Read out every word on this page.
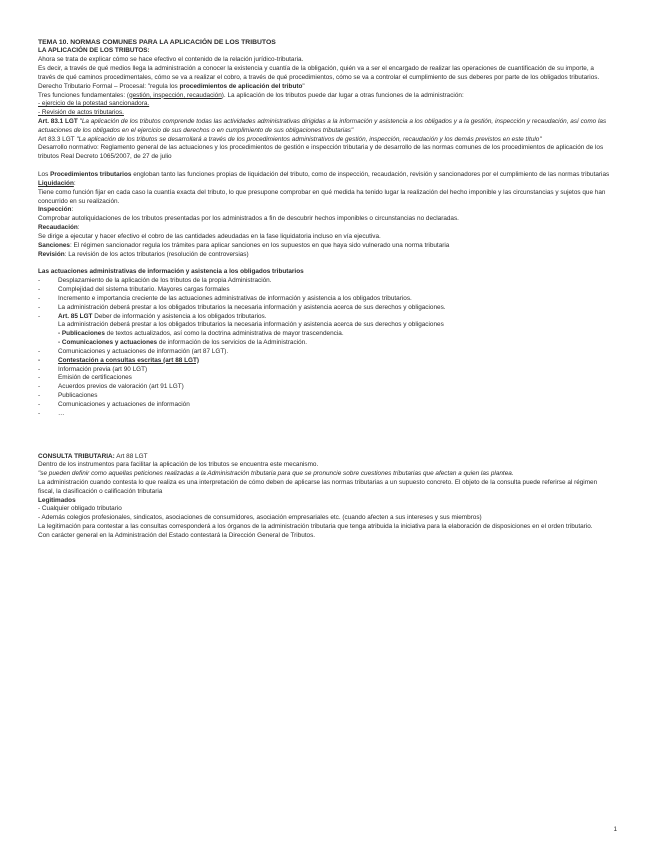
TEMA 10. NORMAS COMUNES PARA LA APLICACIÓN DE LOS TRIBUTOS

LA APLICACIÓN DE LOS TRIBUTOS:

Ahora se trata de explicar cómo se hace efectivo el contenido de la relación jurídico-tributaria.

Es decir, a través de qué medios llega la administración a conocer la existencia y cuantía de la obligación, quién va a ser el encargado de realizar las operaciones de cuantificación de su importe, a través de qué caminos procedimentales, cómo se va a realizar el cobro, a través de qué procedimientos, cómo se va a controlar el cumplimiento de sus deberes por parte de los obligados tributarios.

Derecho Tributario Formal – Procesal: "regula los procedimientos de aplicación del tributo"

Tres funciones fundamentales: (gestión, inspección, recaudación). La aplicación de los tributos puede dar lugar a otras funciones de la administración:
- ejercicio de la potestad sancionadora.
- Revisión de actos tributarios.

Art. 83.1 LGT "La aplicación de los tributos comprende todas las actividades administrativas dirigidas a la información y asistencia a los obligados y a la gestión, inspección y recaudación, así como las actuaciones de los obligados en el ejercicio de sus derechos o en cumplimiento de sus obligaciones tributarias"

Art 83.3 LGT "La aplicación de los tributos se desarrollará a través de los procedimientos administrativos de gestión, inspección, recaudación y los demás previstos en este título"

Desarrollo normativo: Reglamento general de las actuaciones y los procedimientos de gestión e inspección tributaria y de desarrollo de las normas comunes de los procedimientos de aplicación de los tributos Real Decreto 1065/2007, de 27 de julio

Los Procedimientos tributarios engloban tanto las funciones propias de liquidación del tributo, como de inspección, recaudación, revisión y sancionadores por el cumplimiento de las normas tributarias

Liquidación:
Tiene como función fijar en cada caso la cuantía exacta del tributo, lo que presupone comprobar en qué medida ha tenido lugar la realización del hecho imponible y las circunstancias y sujetos que han concurrido en su realización.

Inspección:
Comprobar autoliquidaciones de los tributos presentadas por los administrados a fin de descubrir hechos imponibles o circunstancias no declaradas.

Recaudación:
Se dirige a ejecutar y hacer efectivo el cobro de las cantidades adeudadas en la fase liquidatoria incluso en vía ejecutiva.

Sanciones: El régimen sancionador regula los trámites para aplicar sanciones en los supuestos en que haya sido vulnerado una norma tributaria

Revisión: La revisión de los actos tributarios (resolución de controversias)

Las actuaciones administrativas de información y asistencia a los obligados tributarios

- Desplazamiento de la aplicación de los tributos de la propia Administración.
- Complejidad del sistema tributario. Mayores cargas formales
- Incremento e importancia creciente de las actuaciones administrativas de información y asistencia a los obligados tributarios.
- La administración deberá prestar a los obligados tributarios la necesaria información y asistencia acerca de sus derechos y obligaciones.
- Art. 85 LGT Deber de información y asistencia a los obligados tributarios.
La administración deberá prestar a los obligados tributarios la necesaria información y asistencia acerca de sus derechos y obligaciones
- Publicaciones de textos actualizados, así como la doctrina administrativa de mayor trascendencia.
- Comunicaciones y actuaciones de información de los servicios de la Administración.
- Comunicaciones y actuaciones de información (art 87 LGT).
- Contestación a consultas escritas (art 88 LGT)
- Información previa (art 90 LGT)
- Emisión de certificaciones
- Acuerdos previos de valoración (art 91 LGT)
- Publicaciones
- Comunicaciones y actuaciones de información
- …

CONSULTA TRIBUTARIA: Art 88 LGT

Dentro de los instrumentos para facilitar la aplicación de los tributos se encuentra este mecanismo.

"se pueden definir como aquellas peticiones realizadas a la Administración tributaria para que se pronuncie sobre cuestiones tributarias que afectan a quien las plantea.

La administración cuando contesta lo que realiza es una interpretación de cómo deben de aplicarse las normas tributarias a un supuesto concreto. El objeto de la consulta puede referirse al régimen fiscal, la clasificación o calificación tributaria

Legitimados
- Cualquier obligado tributario
- Además colegios profesionales, sindicatos, asociaciones de consumidores, asociación empresariales etc. (cuando afecten a sus intereses y sus miembros)

La legitimación para contestar a las consultas corresponderá a los órganos de la administración tributaria que tenga atribuida la iniciativa para la elaboración de disposiciones en el orden tributario.

Con carácter general en la Administración del Estado contestará la Dirección General de Tributos.

1
